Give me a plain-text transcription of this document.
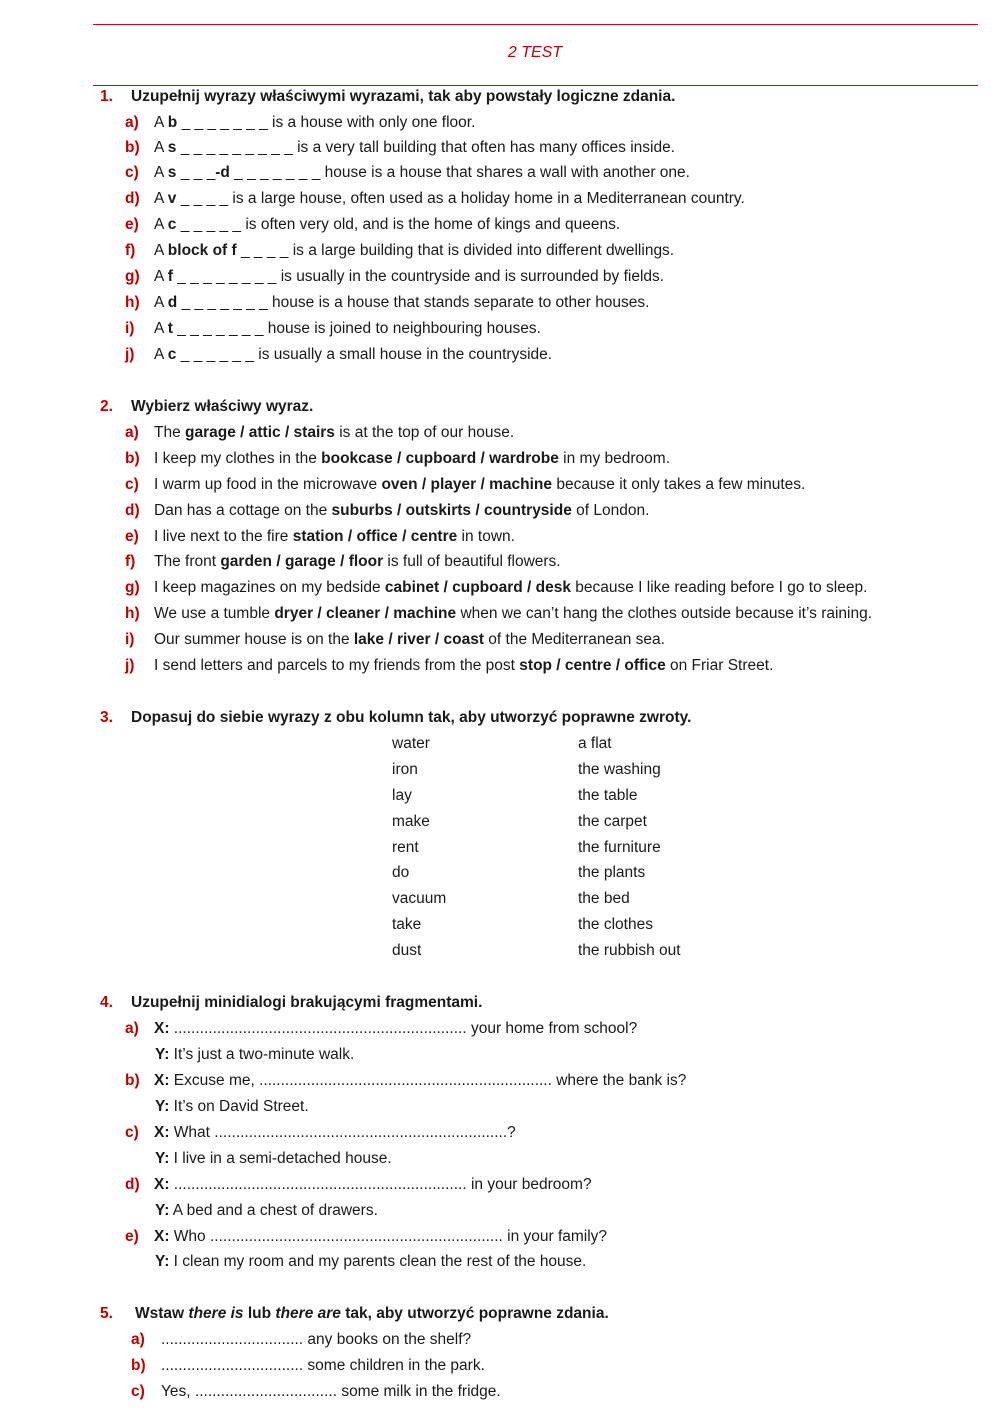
2 TEST
1. Uzupełnij wyrazy właściwymi wyrazami, tak aby powstały logiczne zdania.
a) A b _ _ _ _ _ _ _ is a house with only one floor.
b) A s _ _ _ _ _ _ _ _ _ is a very tall building that often has many offices inside.
c) A s _ _ _-d _ _ _ _ _ _ _ house is a house that shares a wall with another one.
d) A v _ _ _ _ is a large house, often used as a holiday home in a Mediterranean country.
e) A c _ _ _ _ _ is often very old, and is the home of kings and queens.
f) A block of f _ _ _ _ is a large building that is divided into different dwellings.
g) A f _ _ _ _ _ _ _ _ is usually in the countryside and is surrounded by fields.
h) A d _ _ _ _ _ _ _ house is a house that stands separate to other houses.
i) A t _ _ _ _ _ _ _ house is joined to neighbouring houses.
j) A c _ _ _ _ _ _ is usually a small house in the countryside.
2. Wybierz właściwy wyraz.
a) The garage / attic / stairs is at the top of our house.
b) I keep my clothes in the bookcase / cupboard / wardrobe in my bedroom.
c) I warm up food in the microwave oven / player / machine because it only takes a few minutes.
d) Dan has a cottage on the suburbs / outskirts / countryside of London.
e) I live next to the fire station / office / centre in town.
f) The front garden / garage / floor is full of beautiful flowers.
g) I keep magazines on my bedside cabinet / cupboard / desk because I like reading before I go to sleep.
h) We use a tumble dryer / cleaner / machine when we can’t hang the clothes outside because it’s raining.
i) Our summer house is on the lake / river / coast of the Mediterranean sea.
j) I send letters and parcels to my friends from the post stop / centre / office on Friar Street.
3. Dopasuj do siebie wyrazy z obu kolumn tak, aby utworzyć poprawne zwroty.
water
iron
lay
make
rent
do
vacuum
take
dust
a flat
the washing
the table
the carpet
the furniture
the plants
the bed
the clothes
the rubbish out
4. Uzupełnij minidialogi brakującymi fragmentami.
a) X: .................................................................... your home from school?
Y: It’s just a two-minute walk.
b) X: Excuse me, .................................................................... where the bank is?
Y: It’s on David Street.
c) X: What ....................................................................?
Y: I live in a semi-detached house.
d) X: .................................................................... in your bedroom?
Y: A bed and a chest of drawers.
e) X: Who .................................................................... in your family?
Y: I clean my room and my parents clean the rest of the house.
5. Wstaw there is lub there are tak, aby utworzyć poprawne zdania.
a) ................................. any books on the shelf?
b) ................................. some children in the park.
c) Yes, ................................. some milk in the fridge.
